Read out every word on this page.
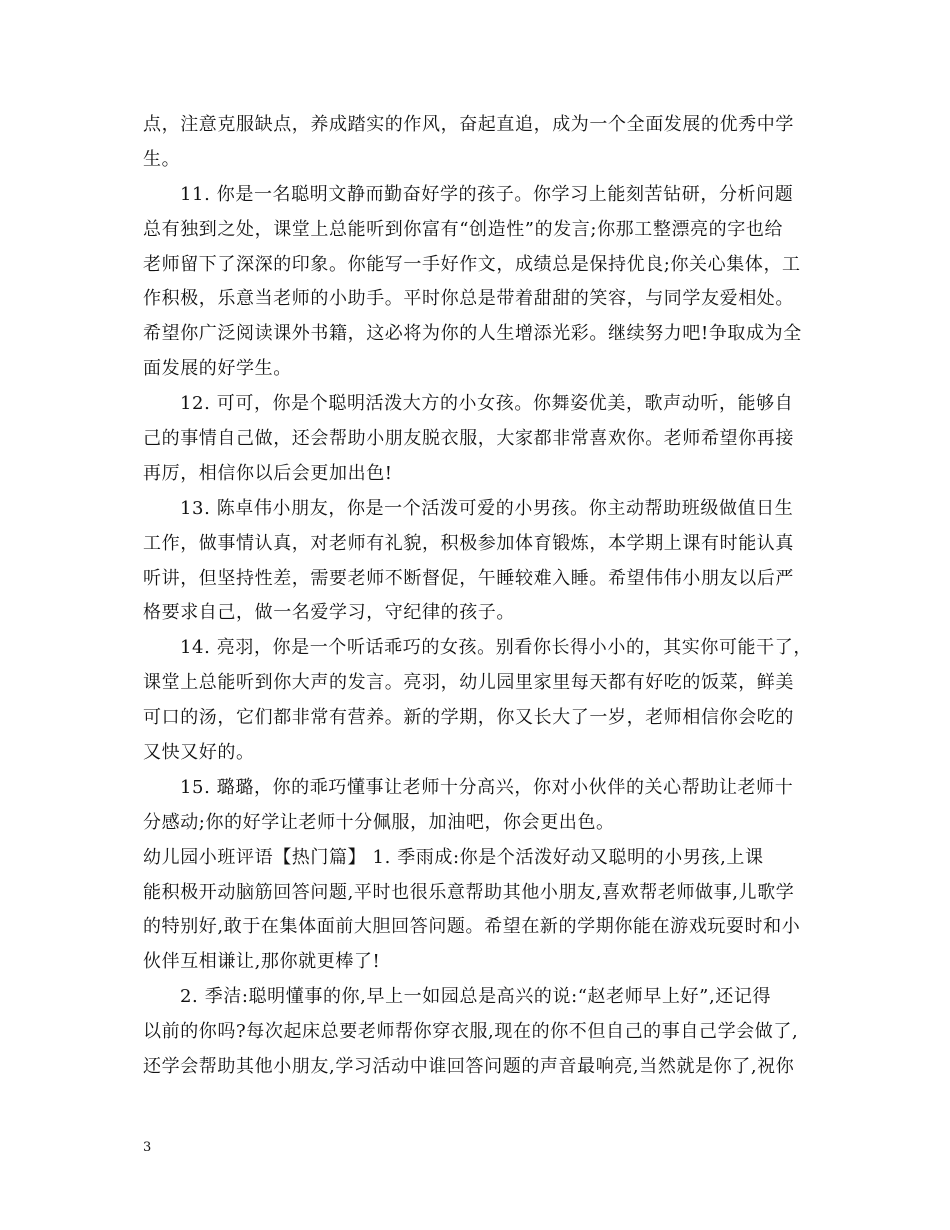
点，注意克服缺点，养成踏实的作风，奋起直追，成为一个全面发展的优秀中学
生。
11. 你是一名聪明文静而勤奋好学的孩子。你学习上能刻苦钻研，分析问题
总有独到之处，课堂上总能听到你富有“创造性”的发言;你那工整漂亮的字也给
老师留下了深深的印象。你能写一手好作文，成绩总是保持优良;你关心集体，工
作积极，乐意当老师的小助手。平时你总是带着甜甜的笑容，与同学友爱相处。
希望你广泛阅读课外书籍，这必将为你的人生增添光彩。继续努力吧!争取成为全
面发展的好学生。
12. 可可，你是个聪明活泼大方的小女孩。你舞姿优美，歌声动听，能够自
己的事情自己做，还会帮助小朋友脱衣服，大家都非常喜欢你。老师希望你再接
再厉，相信你以后会更加出色!
13. 陈卓伟小朋友，你是一个活泼可爱的小男孩。你主动帮助班级做值日生
工作，做事情认真，对老师有礼貌，积极参加体育锻炼，本学期上课有时能认真
听讲，但坚持性差，需要老师不断督促，午睡较难入睡。希望伟伟小朋友以后严
格要求自己，做一名爱学习，守纪律的孩子。
14. 亮羽，你是一个听话乖巧的女孩。别看你长得小小的，其实你可能干了，
课堂上总能听到你大声的发言。亮羽，幼儿园里家里每天都有好吃的饭菜，鲜美
可口的汤，它们都非常有营养。新的学期，你又长大了一岁，老师相信你会吃的
又快又好的。
15. 璐璐，你的乖巧懂事让老师十分高兴，你对小伙伴的关心帮助让老师十
分感动;你的好学让老师十分佩服，加油吧，你会更出色。
幼儿园小班评语【热门篇】 1. 季雨成:你是个活泼好动又聪明的小男孩,上课
能积极开动脑筋回答问题,平时也很乐意帮助其他小朋友,喜欢帮老师做事,儿歌学
的特别好,敢于在集体面前大胆回答问题。希望在新的学期你能在游戏玩耍时和小
伙伴互相谦让,那你就更棒了!
2. 季洁:聪明懂事的你,早上一如园总是高兴的说:“赵老师早上好”,还记得
以前的你吗?每次起床总要老师帮你穿衣服,现在的你不但自己的事自己学会做了,
还学会帮助其他小朋友,学习活动中谁回答问题的声音最响亮,当然就是你了,祝你
3
